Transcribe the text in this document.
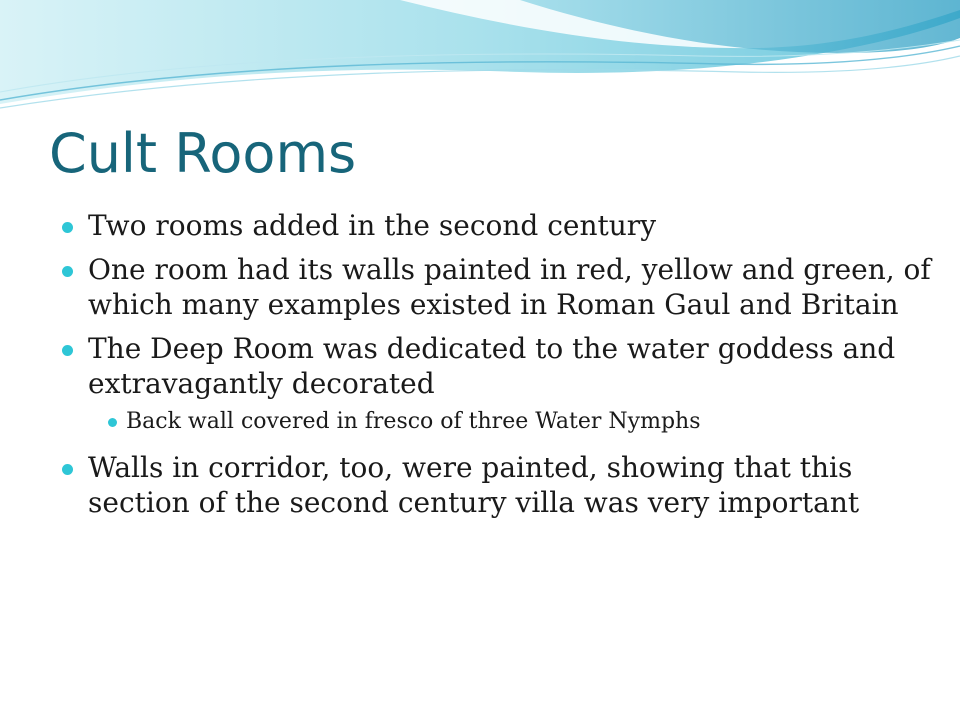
Cult Rooms
Two rooms added in the second century
One room had its walls painted in red, yellow and green, of which many examples existed in Roman Gaul and Britain
The Deep Room was dedicated to the water goddess and extravagantly decorated
Back wall covered in fresco of three Water Nymphs
Walls in corridor, too, were painted, showing that this section of the second century villa was very important
